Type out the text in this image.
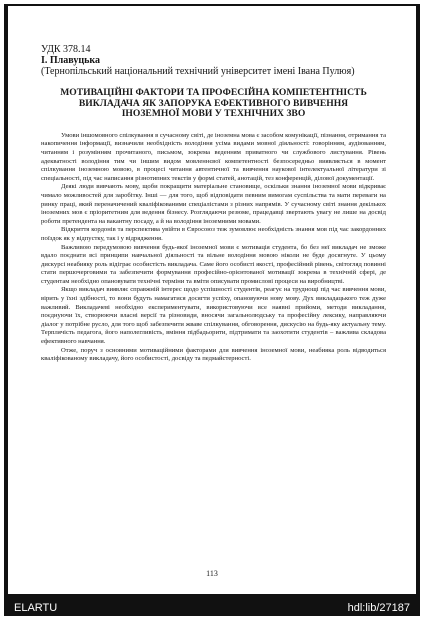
УДК 378.14

І. Плавуцька

(Тернопільський національний технічний університет імені Івана Пулюя)

МОТИВАЦІЙНІ ФАКТОРИ ТА ПРОФЕСІЙНА КОМПЕТЕНТНІСТЬ
ВИКЛАДАЧА ЯК ЗАПОРУКА ЕФЕКТИВНОГО ВИВЧЕННЯ
ІНОЗЕМНОЇ МОВИ У ТЕХНІЧНИХ ЗВО

Умови іншомовного спілкування в сучасному світі, де іноземна мова є засобом комунікації, пізнання, отримання та накопичення інформації, визначили необхідність володіння усіма видами мовної діяльності: говорінням, аудіюванням, читанням і розумінням прочитаного, письмом, зокрема веденням приватного чи службового листування. Рівень адекватності володіння тим чи іншим видом мовленнєвої компетентності безпосередньо виявляється в момент спілкування іноземною мовою, в процесі читання автентичної та вивчення наукової інтелектуальної літератури зі спеціальності, під час написання різнотипних текстів у формі статей, анотацій, тез конференцій, ділової документації.

Деякі люди вивчають мову, щоби покращити матеріальне становище, оскільки знання іноземної мови відкриває чимало можливостей для заробітку. Інші — для того, щоб відповідати певним вимогам суспільства та мати переваги на ринку праці, який переначичений кваліфікованими спеціалістами з різних напрямів. У сучасному світі знання декількох іноземних мов є пріоритетним для ведення бізнесу. Розглядаючи резюме, працедавці звертають увагу не лише на досвід роботи претендента на вакантну посаду, а й на володіння іноземними мовами.

Відкриття кордонів та перспектива увійти в Євросоюз теж зумовлює необхідність знання мов під час закордонних поїздок як у відпустку, так і у відрядження.

Важливою передумовою вивчення будь-якої іноземної мови є мотивація студента, бо без неї викладач не зможе вдало поєднати всі принципи навчальної діяльності та вільне володіння мовою ніколи не буде досягнуте. У цьому дискурсі неабияку роль відіграє особистість викладача. Саме його особисті якості, професійний рівень, світогляд повинні стати першочерговими та забезпечити формування професійно-орієнтованої мотивації зокрема в технічній сфері, де студентам необхідно опановувати технічні терміни та вміти описувати промислові процеси на виробництві.

Якщо викладач виявляє справжній інтерес щодо успішності студентів, реагує на труднощі під час вивчення мови, вірить у їхні здібності, то вони будуть намагатися досягти успіху, опановуючи нову мову. Дух викладацького теж дуже важливий. Викладачеві необхідно експериментувати, використовуючи все наявні прийоми, методи викладання, поєднуючи їх, створюючи власні версії та різновиди, вносячи загальнолюдську та професійну лексику, направляючи діалог у потрібне русло, для того щоб забезпечити жваве спілкування, обговорення, дискусію на будь-яку актуальну тему. Терплячість педагога, його наполегливість, вміння підбадьорити, підтримати та заохотити студентів – важлива складова ефективного навчання.

Отже, поруч з основними мотиваційними факторами для вивчення іноземної мови, неабияка роль відводиться кваліфікованому викладачу, його особистості, досвіду та педмайстерності.

113
ELARTU	hdl:lib/27187
